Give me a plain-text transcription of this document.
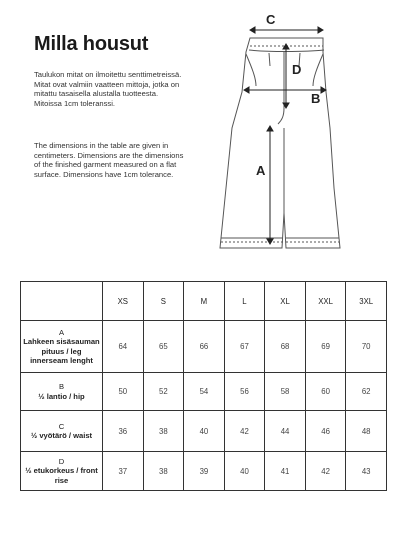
Milla housut

Taulukon mitat on ilmoitettu senttimetreissä. Mitat ovat valmiin vaatteen mittoja, jotka on mitattu tasaisella alustalla tuotteesta. Mitoissa 1cm toleranssi.

The dimensions in the table are given in centimeters. Dimensions are the dimensions of the finished garment measured on a flat surface. Dimensions have 1cm tolerance.

C
D
B
A
	XS	S	M	L	XL	XXL	3XL

A
Lahkeen sisäsauman pituus / leg innerseam lenght	64	65	66	67	68	69	70

B
½ lantio / hip	50	52	54	56	58	60	62

C
½ vyötärö / waist	36	38	40	42	44	46	48

D
½ etukorkeus / front rise	37	38	39	40	41	42	43
